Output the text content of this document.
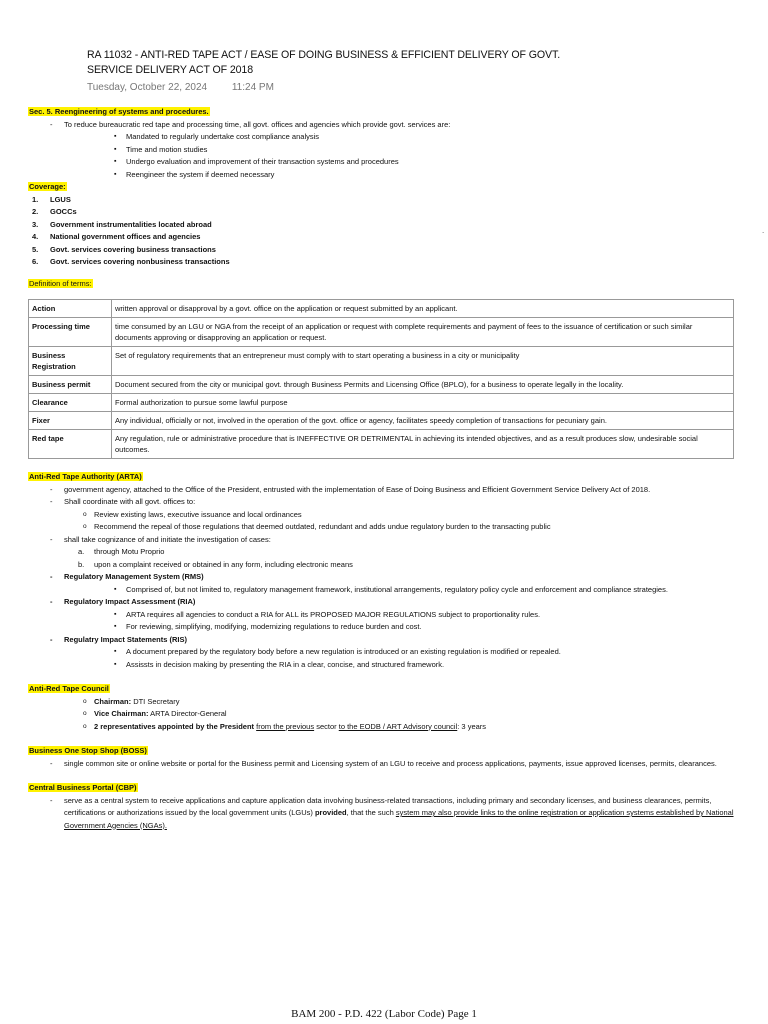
RA 11032 - ANTI-RED TAPE ACT / EASE OF DOING BUSINESS & EFFICIENT DELIVERY OF GOVT. SERVICE DELIVERY ACT OF 2018
Tuesday, October 22, 2024 11:24 PM
Sec. 5. Reengineering of systems and procedures.
- To reduce bureaucratic red tape and processing time, all govt. offices and agencies which provide govt. services are:
▪ Mandated to regularly undertake cost compliance analysis
▪ Time and motion studies
▪ Undergo evaluation and improvement of their transaction systems and procedures
▪ Reengineer the system if deemed necessary
Coverage:
1. LGUS
2. GOCCs
3. Government instrumentalities located abroad
4. National government offices and agencies
5. Govt. services covering business transactions
6. Govt. services covering nonbusiness transactions
Definition of terms:
Action	written approval or disapproval by a govt. office on the application or request submitted by an applicant.
Processing time	time consumed by an LGU or NGA from the receipt of an application or request with complete requirements and payment of fees to the issuance of certification or such similar documents approving or disapproving an application or request.
Business Registration	Set of regulatory requirements that an entrepreneur must comply with to start operating a business in a city or municipality
Business permit	Document secured from the city or municipal govt. through Business Permits and Licensing Office (BPLO), for a business to operate legally in the locality.
Clearance	Formal authorization to pursue some lawful purpose
Fixer	Any individual, officially or not, involved in the operation of the govt. office or agency, facilitates speedy completion of transactions for pecuniary gain.
Red tape	Any regulation, rule or administrative procedure that is INEFFECTIVE OR DETRIMENTAL in achieving its intended objectives, and as a result produces slow, undesirable social outcomes.
Anti-Red Tape Authority (ARTA)
- government agency, attached to the Office of the President, entrusted with the implementation of Ease of Doing Business and Efficient Government Service Delivery Act of 2018.
- Shall coordinate with all govt. offices to:
o Review existing laws, executive issuance and local ordinances
o Recommend the repeal of those regulations that deemed outdated, redundant and adds undue regulatory burden to the transacting public
- shall take cognizance of and initiate the investigation of cases:
a. through Motu Proprio
b. upon a complaint received or obtained in any form, including electronic means
- Regulatory Management System (RMS)
▪ Comprised of, but not limited to, regulatory management framework, institutional arrangements, regulatory policy cycle and enforcement and compliance strategies.
- Regulatory Impact Assessment (RIA)
▪ ARTA requires all agencies to conduct a RIA for ALL its PROPOSED MAJOR REGULATIONS subject to proportionality rules.
▪ For reviewing, simplifying, modifying, modernizing regulations to reduce burden and cost.
- Regulatry Impact Statements (RIS)
▪ A document prepared by the regulatory body before a new regulation is introduced or an existing regulation is modified or repealed.
▪ Assissts in decision making by presenting the RIA in a clear, concise, and structured framework.
Anti-Red Tape Council
o Chairman: DTI Secretary
o Vice Chairman: ARTA Director-General
o 2 representatives appointed by the President from the previous sector to the EODB / ART Advisory council: 3 years
Business One Stop Shop (BOSS)
- single common site or online website or portal for the Business permit and Licensing system of an LGU to receive and process applications, payments, issue approved licenses, permits, clearances.
Central Business Portal (CBP)
- serve as a central system to receive applications and capture application data involving business-related transactions, including primary and secondary licenses, and business clearances, permits, certifications or authorizations issued by the local government units (LGUs) provided, that the such system may also provide links to the online registration or application systems established by National Government Agencies (NGAs).
.
BAM 200 - P.D. 422 (Labor Code) Page 1
